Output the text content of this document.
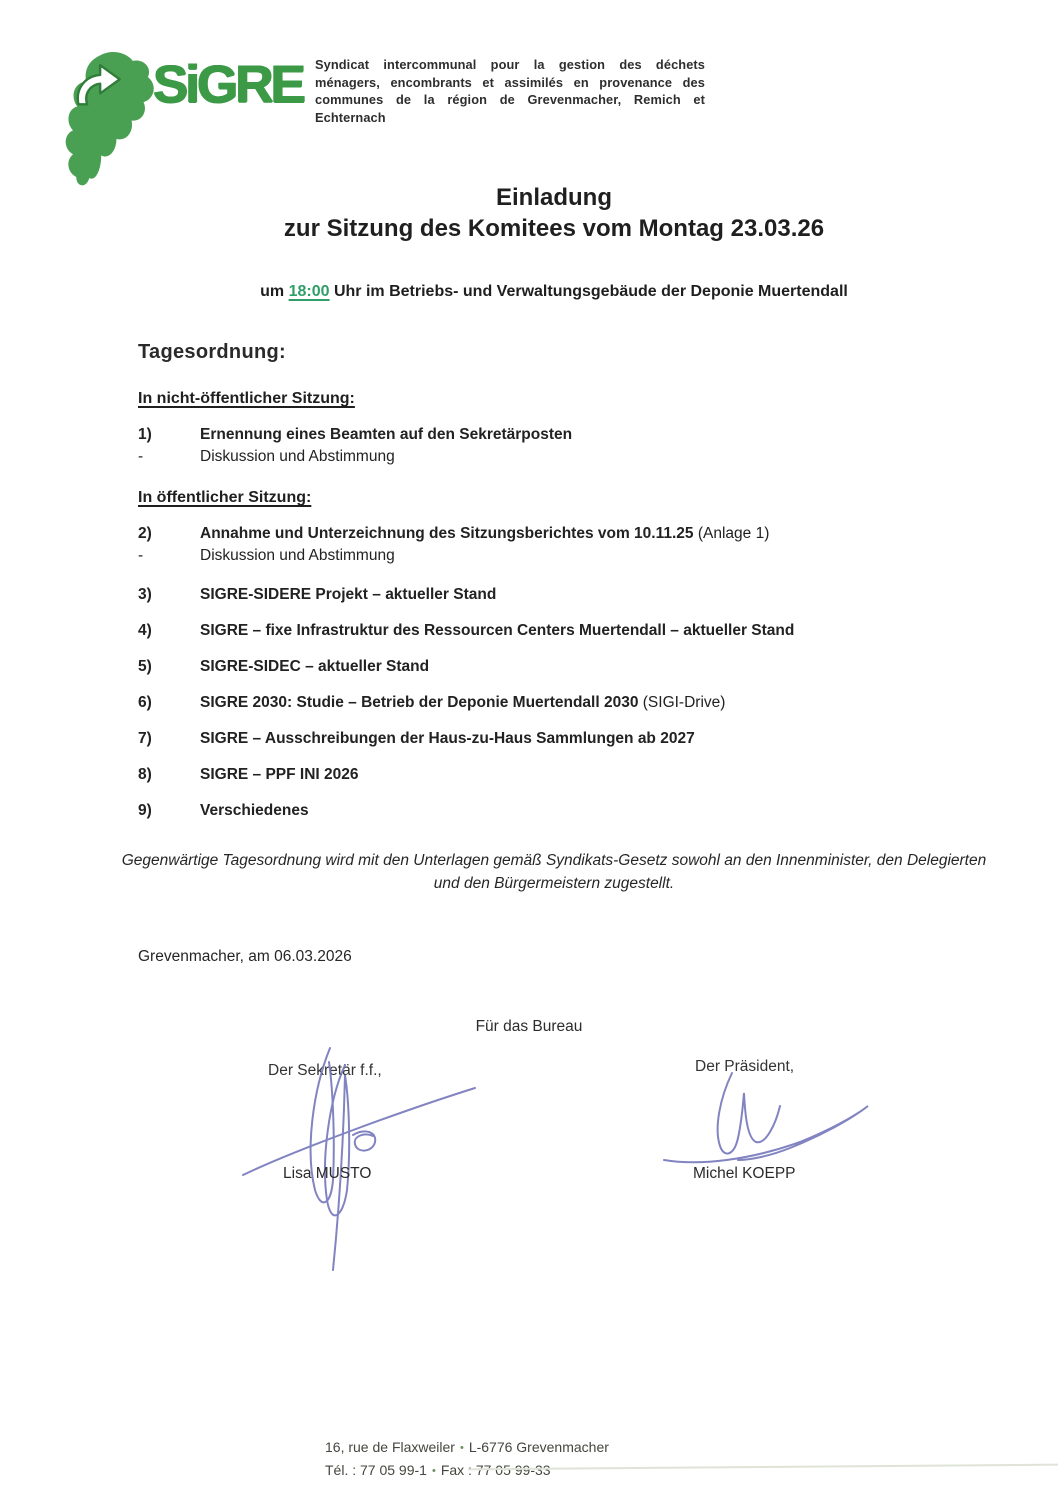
SiGRE Syndicat intercommunal pour la gestion des déchets ménagers, encombrants et assimilés en provenance des communes de la région de Grevenmacher, Remich et Echternach
Einladung
zur Sitzung des Komitees vom Montag 23.03.26
um 18:00 Uhr im Betriebs- und Verwaltungsgebäude der Deponie Muertendall
Tagesordnung:
In nicht-öffentlicher Sitzung:
1)	Ernennung eines Beamten auf den Sekretärposten
-	Diskussion und Abstimmung
In öffentlicher Sitzung:
2)	Annahme und Unterzeichnung des Sitzungsberichtes vom 10.11.25 (Anlage 1)
-	Diskussion und Abstimmung
3)	SIGRE-SIDERE Projekt – aktueller Stand
4)	SIGRE – fixe Infrastruktur des Ressourcen Centers Muertendall – aktueller Stand
5)	SIGRE-SIDEC – aktueller Stand
6)	SIGRE 2030: Studie – Betrieb der Deponie Muertendall 2030 (SIGI-Drive)
7)	SIGRE – Ausschreibungen der Haus-zu-Haus Sammlungen ab 2027
8)	SIGRE – PPF INI 2026
9)	Verschiedenes
Gegenwärtige Tagesordnung wird mit den Unterlagen gemäß Syndikats-Gesetz sowohl an den Innenminister, den Delegierten und den Bürgermeistern zugestellt.
Grevenmacher, am 06.03.2026
Für das Bureau
Der Sekretär f.f.,	Der Präsident,
Lisa MUSTO	Michel KOEPP
16, rue de Flaxweiler • L-6776 Grevenmacher
Tél. : 77 05 99-1 • Fax : 77 05 99-33
